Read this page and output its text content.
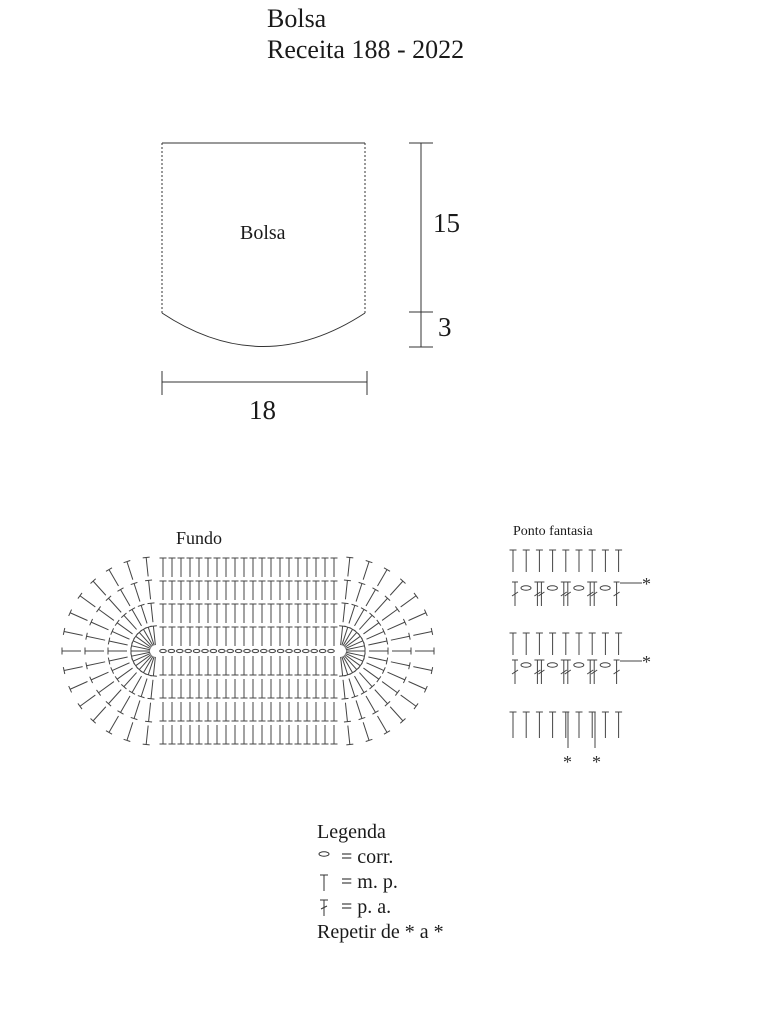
Bolsa
Receita 188 - 2022
Bolsa	15
3
18
Fundo	Ponto fantasia
*
*
* *
Legenda
= corr.
= m. p.
= p. a.
Repetir de * a *
